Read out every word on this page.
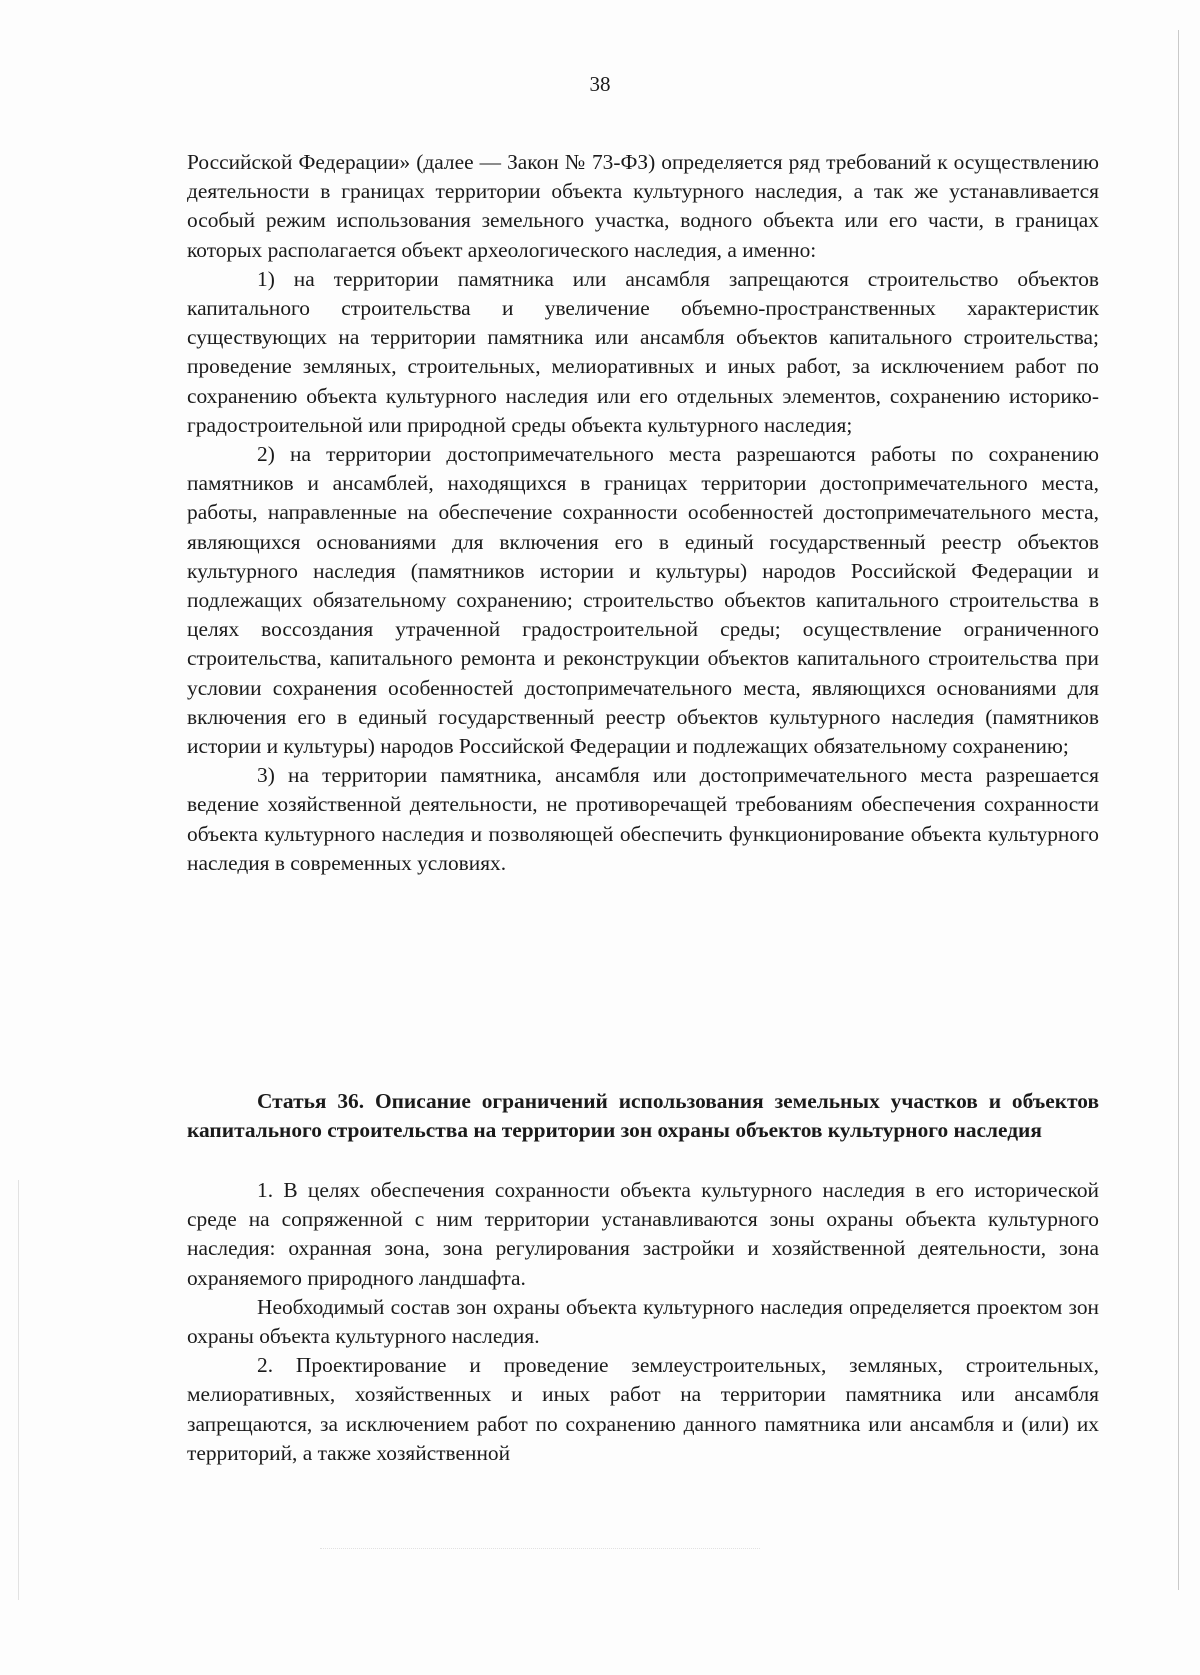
38

Российской Федерации» (далее — Закон № 73-ФЗ) определяется ряд требований к осуществлению деятельности в границах территории объекта культурного наследия, а так же устанавливается особый режим использования земельного участка, водного объекта или его части, в границах которых располагается объект археологического наследия, а именно:

1) на территории памятника или ансамбля запрещаются строительство объектов капитального строительства и увеличение объемно-пространственных характеристик существующих на территории памятника или ансамбля объектов капитального строительства; проведение земляных, строительных, мелиоративных и иных работ, за исключением работ по сохранению объекта культурного наследия или его отдельных элементов, сохранению историко-градостроительной или природной среды объекта культурного наследия;

2) на территории достопримечательного места разрешаются работы по сохранению памятников и ансамблей, находящихся в границах территории достопримечательного места, работы, направленные на обеспечение сохранности особенностей достопримечательного места, являющихся основаниями для включения его в единый государственный реестр объектов культурного наследия (памятников истории и культуры) народов Российской Федерации и подлежащих обязательному сохранению; строительство объектов капитального строительства в целях воссоздания утраченной градостроительной среды; осуществление ограниченного строительства, капитального ремонта и реконструкции объектов капитального строительства при условии сохранения особенностей достопримечательного места, являющихся основаниями для включения его в единый государственный реестр объектов культурного наследия (памятников истории и культуры) народов Российской Федерации и подлежащих обязательному сохранению;

3) на территории памятника, ансамбля или достопримечательного места разрешается ведение хозяйственной деятельности, не противоречащей требованиям обеспечения сохранности объекта культурного наследия и позволяющей обеспечить функционирование объекта культурного наследия в современных условиях.

Статья 36. Описание ограничений использования земельных участков и объектов капитального строительства на территории зон охраны объектов культурного наследия

1. В целях обеспечения сохранности объекта культурного наследия в его исторической среде на сопряженной с ним территории устанавливаются зоны охраны объекта культурного наследия: охранная зона, зона регулирования застройки и хозяйственной деятельности, зона охраняемого природного ландшафта.

Необходимый состав зон охраны объекта культурного наследия определяется проектом зон охраны объекта культурного наследия.

2. Проектирование и проведение землеустроительных, земляных, строительных, мелиоративных, хозяйственных и иных работ на территории памятника или ансамбля запрещаются, за исключением работ по сохранению данного памятника или ансамбля и (или) их территорий, а также хозяйственной
